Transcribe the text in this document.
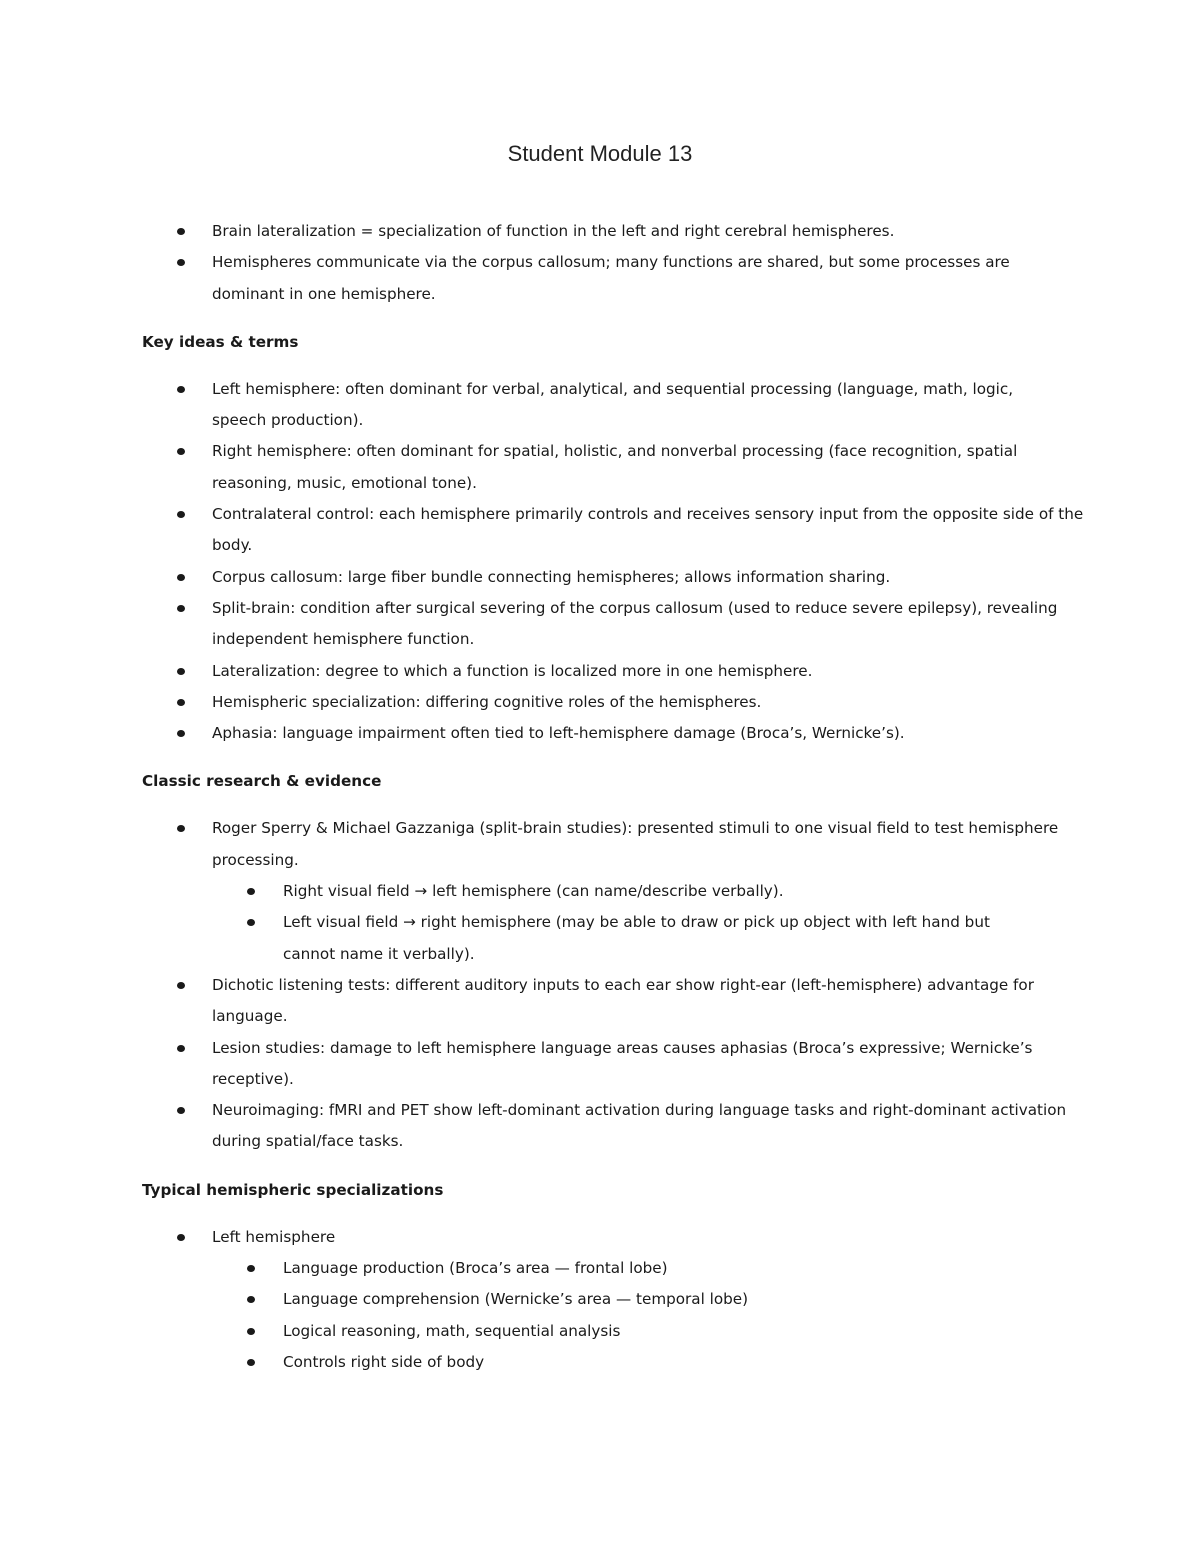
Student Module 13
Brain lateralization = specialization of function in the left and right cerebral hemispheres.
Hemispheres communicate via the corpus callosum; many functions are shared, but some processes are dominant in one hemisphere.
Key ideas & terms
Left hemisphere: often dominant for verbal, analytical, and sequential processing (language, math, logic, speech production).
Right hemisphere: often dominant for spatial, holistic, and nonverbal processing (face recognition, spatial reasoning, music, emotional tone).
Contralateral control: each hemisphere primarily controls and receives sensory input from the opposite side of the body.
Corpus callosum: large fiber bundle connecting hemispheres; allows information sharing.
Split-brain: condition after surgical severing of the corpus callosum (used to reduce severe epilepsy), revealing independent hemisphere function.
Lateralization: degree to which a function is localized more in one hemisphere.
Hemispheric specialization: differing cognitive roles of the hemispheres.
Aphasia: language impairment often tied to left-hemisphere damage (Broca’s, Wernicke’s).
Classic research & evidence
Roger Sperry & Michael Gazzaniga (split-brain studies): presented stimuli to one visual field to test hemisphere processing.
Right visual field → left hemisphere (can name/describe verbally).
Left visual field → right hemisphere (may be able to draw or pick up object with left hand but cannot name it verbally).
Dichotic listening tests: different auditory inputs to each ear show right-ear (left-hemisphere) advantage for language.
Lesion studies: damage to left hemisphere language areas causes aphasias (Broca’s expressive; Wernicke’s receptive).
Neuroimaging: fMRI and PET show left-dominant activation during language tasks and right-dominant activation during spatial/face tasks.
Typical hemispheric specializations
Left hemisphere
Language production (Broca’s area — frontal lobe)
Language comprehension (Wernicke’s area — temporal lobe)
Logical reasoning, math, sequential analysis
Controls right side of body
